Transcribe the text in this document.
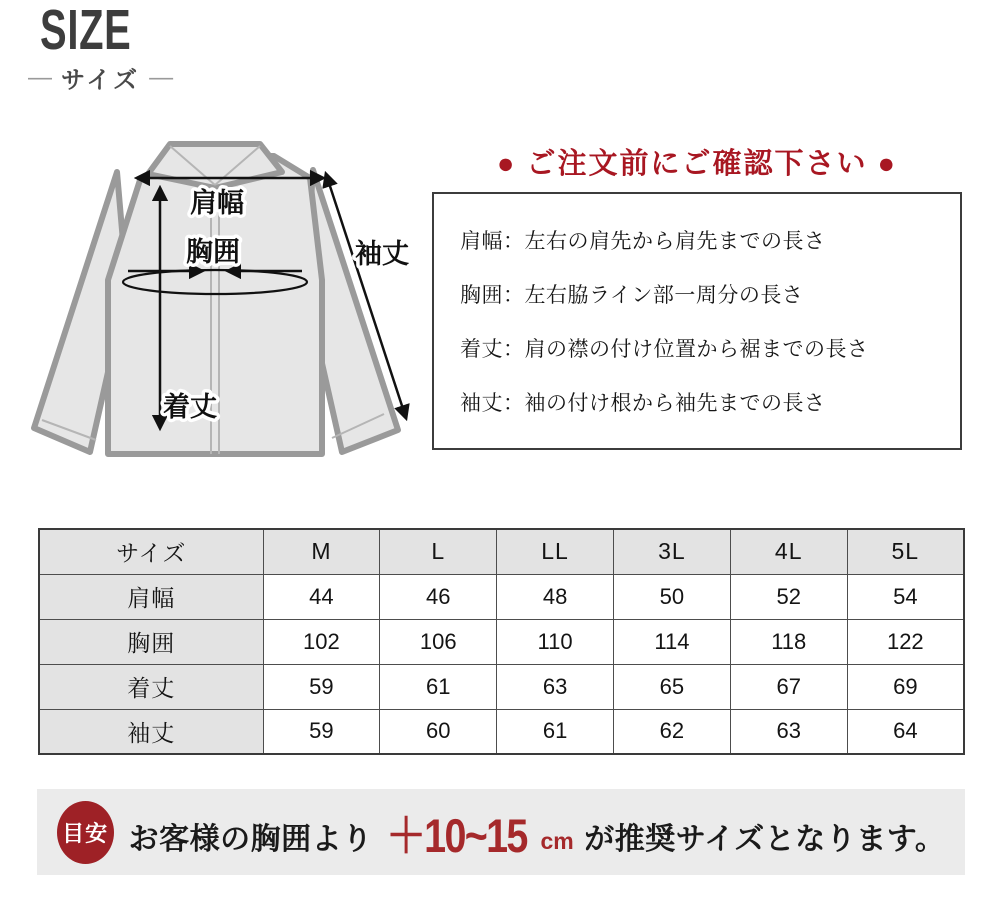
SIZE
― サイズ ―
肩幅
胸囲
着丈
袖丈
● ご注文前にご確認下さい ●
肩幅：左右の肩先から肩先までの長さ
胸囲：左右脇ライン部一周分の長さ
着丈：肩の襟の付け位置から裾までの長さ
袖丈：袖の付け根から袖先までの長さ
サイズ	M	L	LL	3L	4L	5L
肩幅	44	46	48	50	52	54
胸囲	102	106	110	114	118	122
着丈	59	61	63	65	67	69
袖丈	59	60	61	62	63	64
目安 お客様の胸囲より ＋10~15 cm が推奨サイズとなります。
